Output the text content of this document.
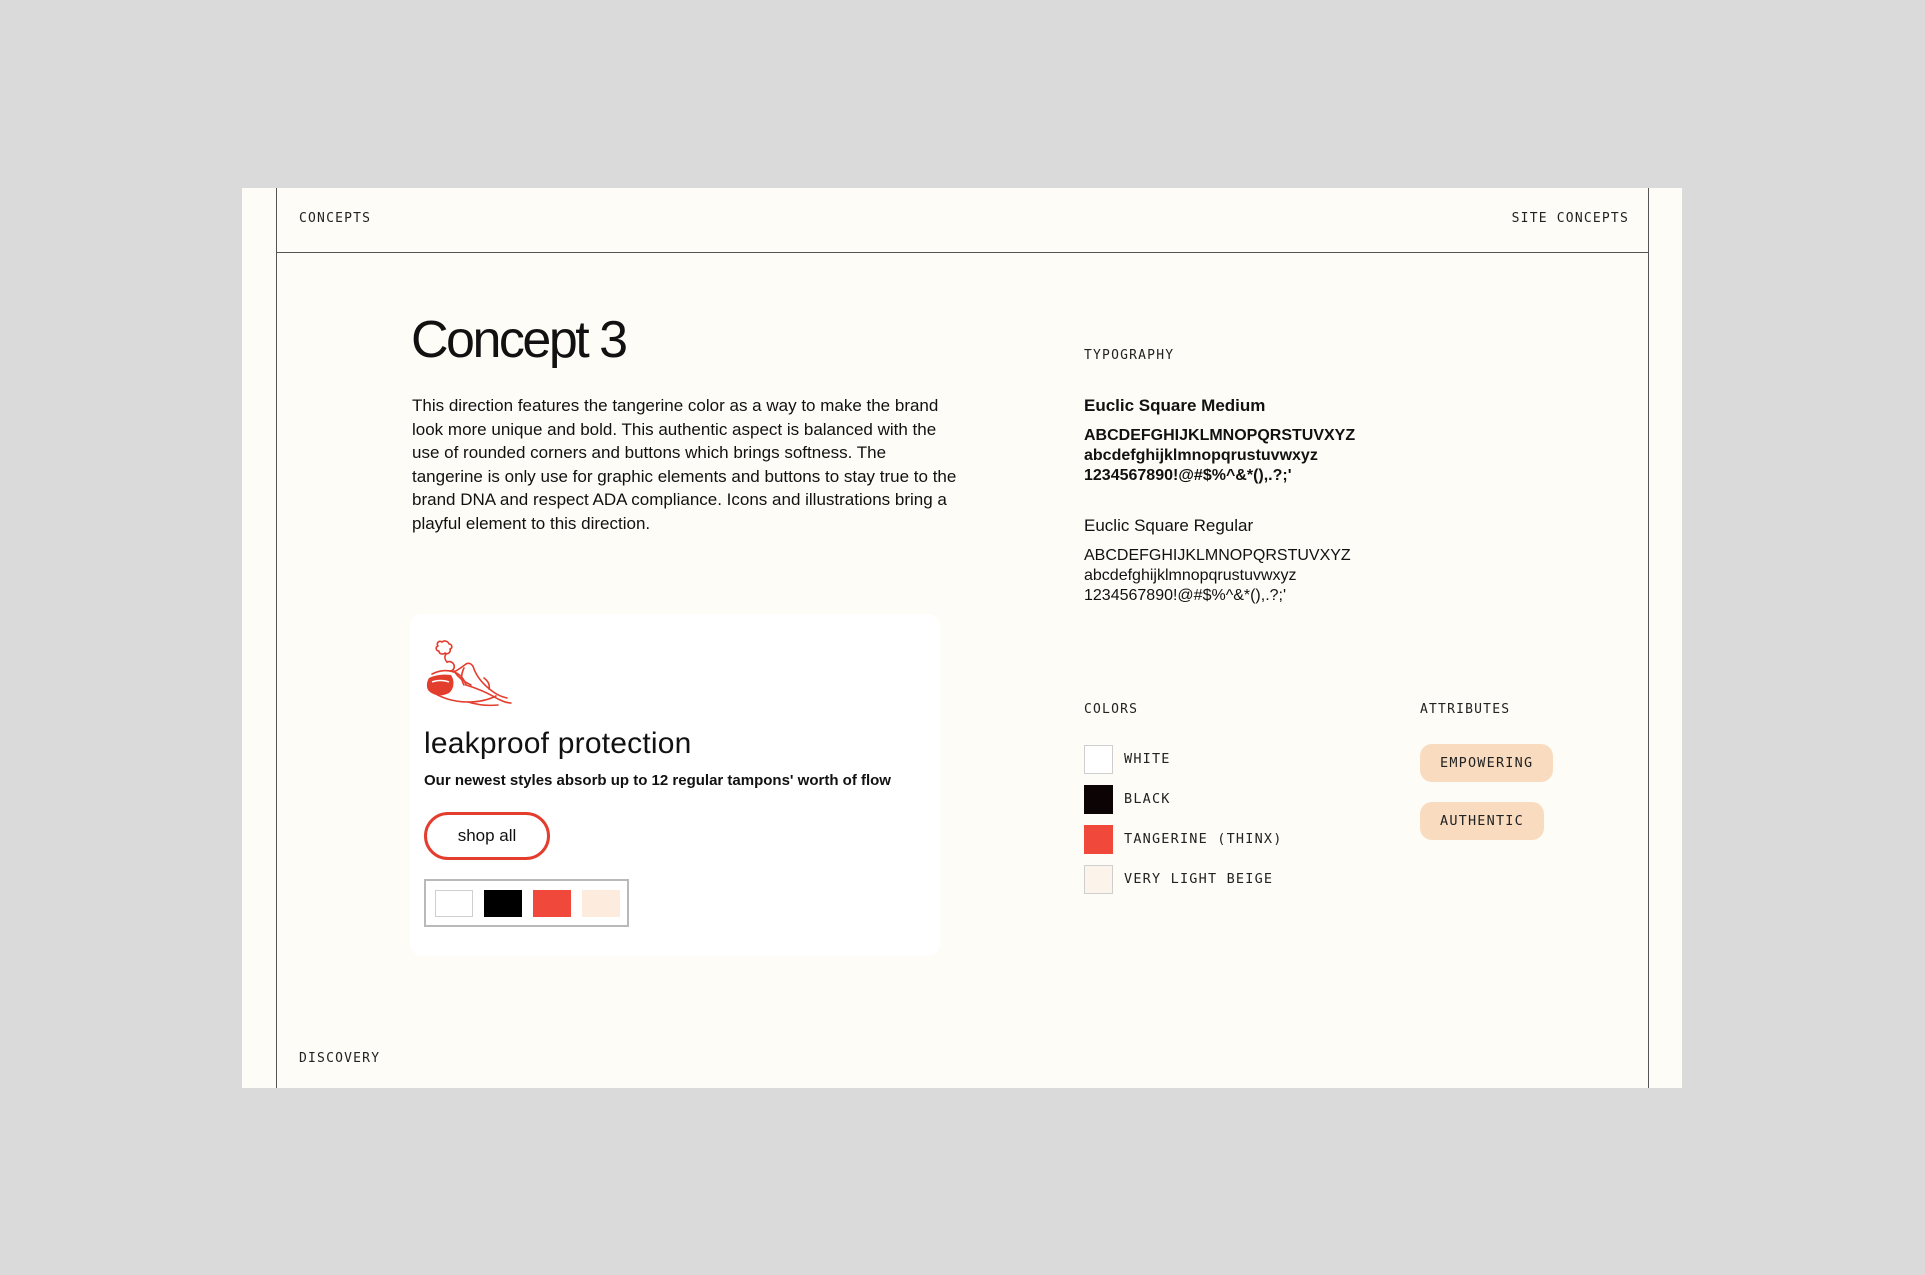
CONCEPTS	SITE CONCEPTS
DISCOVERY
Concept 3

This direction features the tangerine color as a way to make the brand look more unique and bold. This authentic aspect is balanced with the use of rounded corners and buttons which brings softness. The tangerine is only use for graphic elements and buttons to stay true to the brand DNA and respect ADA compliance. Icons and illustrations bring a playful element to this direction.

leakproof protection

Our newest styles absorb up to 12 regular tampons' worth of flow

shop all
TYPOGRAPHY

Euclic Square Medium

ABCDEFGHIJKLMNOPQRSTUVXYZ

abcdefghijklmnopqrustuvwxyz

1234567890!@#$%^&*(),.?;'

Euclic Square Regular

ABCDEFGHIJKLMNOPQRSTUVXYZ

abcdefghijklmnopqrustuvwxyz

1234567890!@#$%^&*(),.?;'

COLORS
WHITE
BLACK
TANGERINE (THINX)
VERY LIGHT BEIGE
ATTRIBUTES
EMPOWERING
AUTHENTIC
